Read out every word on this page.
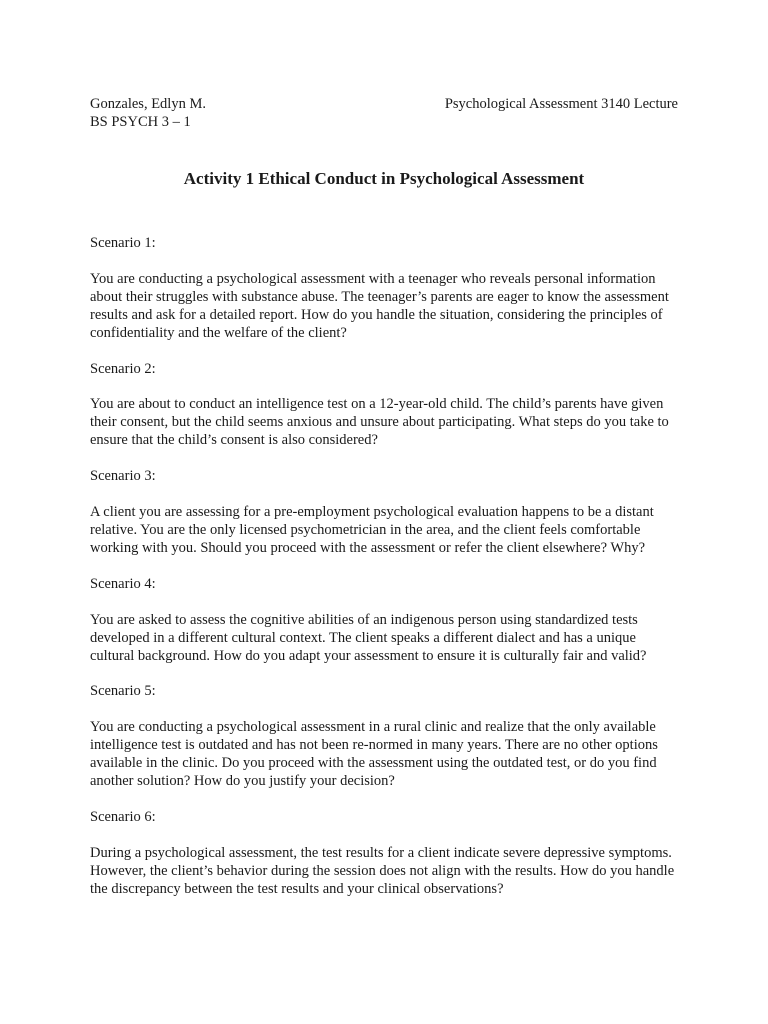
Gonzales, Edlyn M.	Psychological Assessment 3140 Lecture
BS PSYCH 3 – 1
Activity 1 Ethical Conduct in Psychological Assessment

Scenario 1:

You are conducting a psychological assessment with a teenager who reveals personal information about their struggles with substance abuse. The teenager’s parents are eager to know the assessment results and ask for a detailed report. How do you handle the situation, considering the principles of confidentiality and the welfare of the client?

Scenario 2:

You are about to conduct an intelligence test on a 12-year-old child. The child’s parents have given their consent, but the child seems anxious and unsure about participating. What steps do you take to ensure that the child’s consent is also considered?

Scenario 3:

A client you are assessing for a pre-employment psychological evaluation happens to be a distant relative. You are the only licensed psychometrician in the area, and the client feels comfortable working with you. Should you proceed with the assessment or refer the client elsewhere? Why?

Scenario 4:

You are asked to assess the cognitive abilities of an indigenous person using standardized tests developed in a different cultural context. The client speaks a different dialect and has a unique cultural background. How do you adapt your assessment to ensure it is culturally fair and valid?

Scenario 5:

You are conducting a psychological assessment in a rural clinic and realize that the only available intelligence test is outdated and has not been re-normed in many years. There are no other options available in the clinic. Do you proceed with the assessment using the outdated test, or do you find another solution? How do you justify your decision?

Scenario 6:

During a psychological assessment, the test results for a client indicate severe depressive symptoms. However, the client’s behavior during the session does not align with the results. How do you handle the discrepancy between the test results and your clinical observations?
